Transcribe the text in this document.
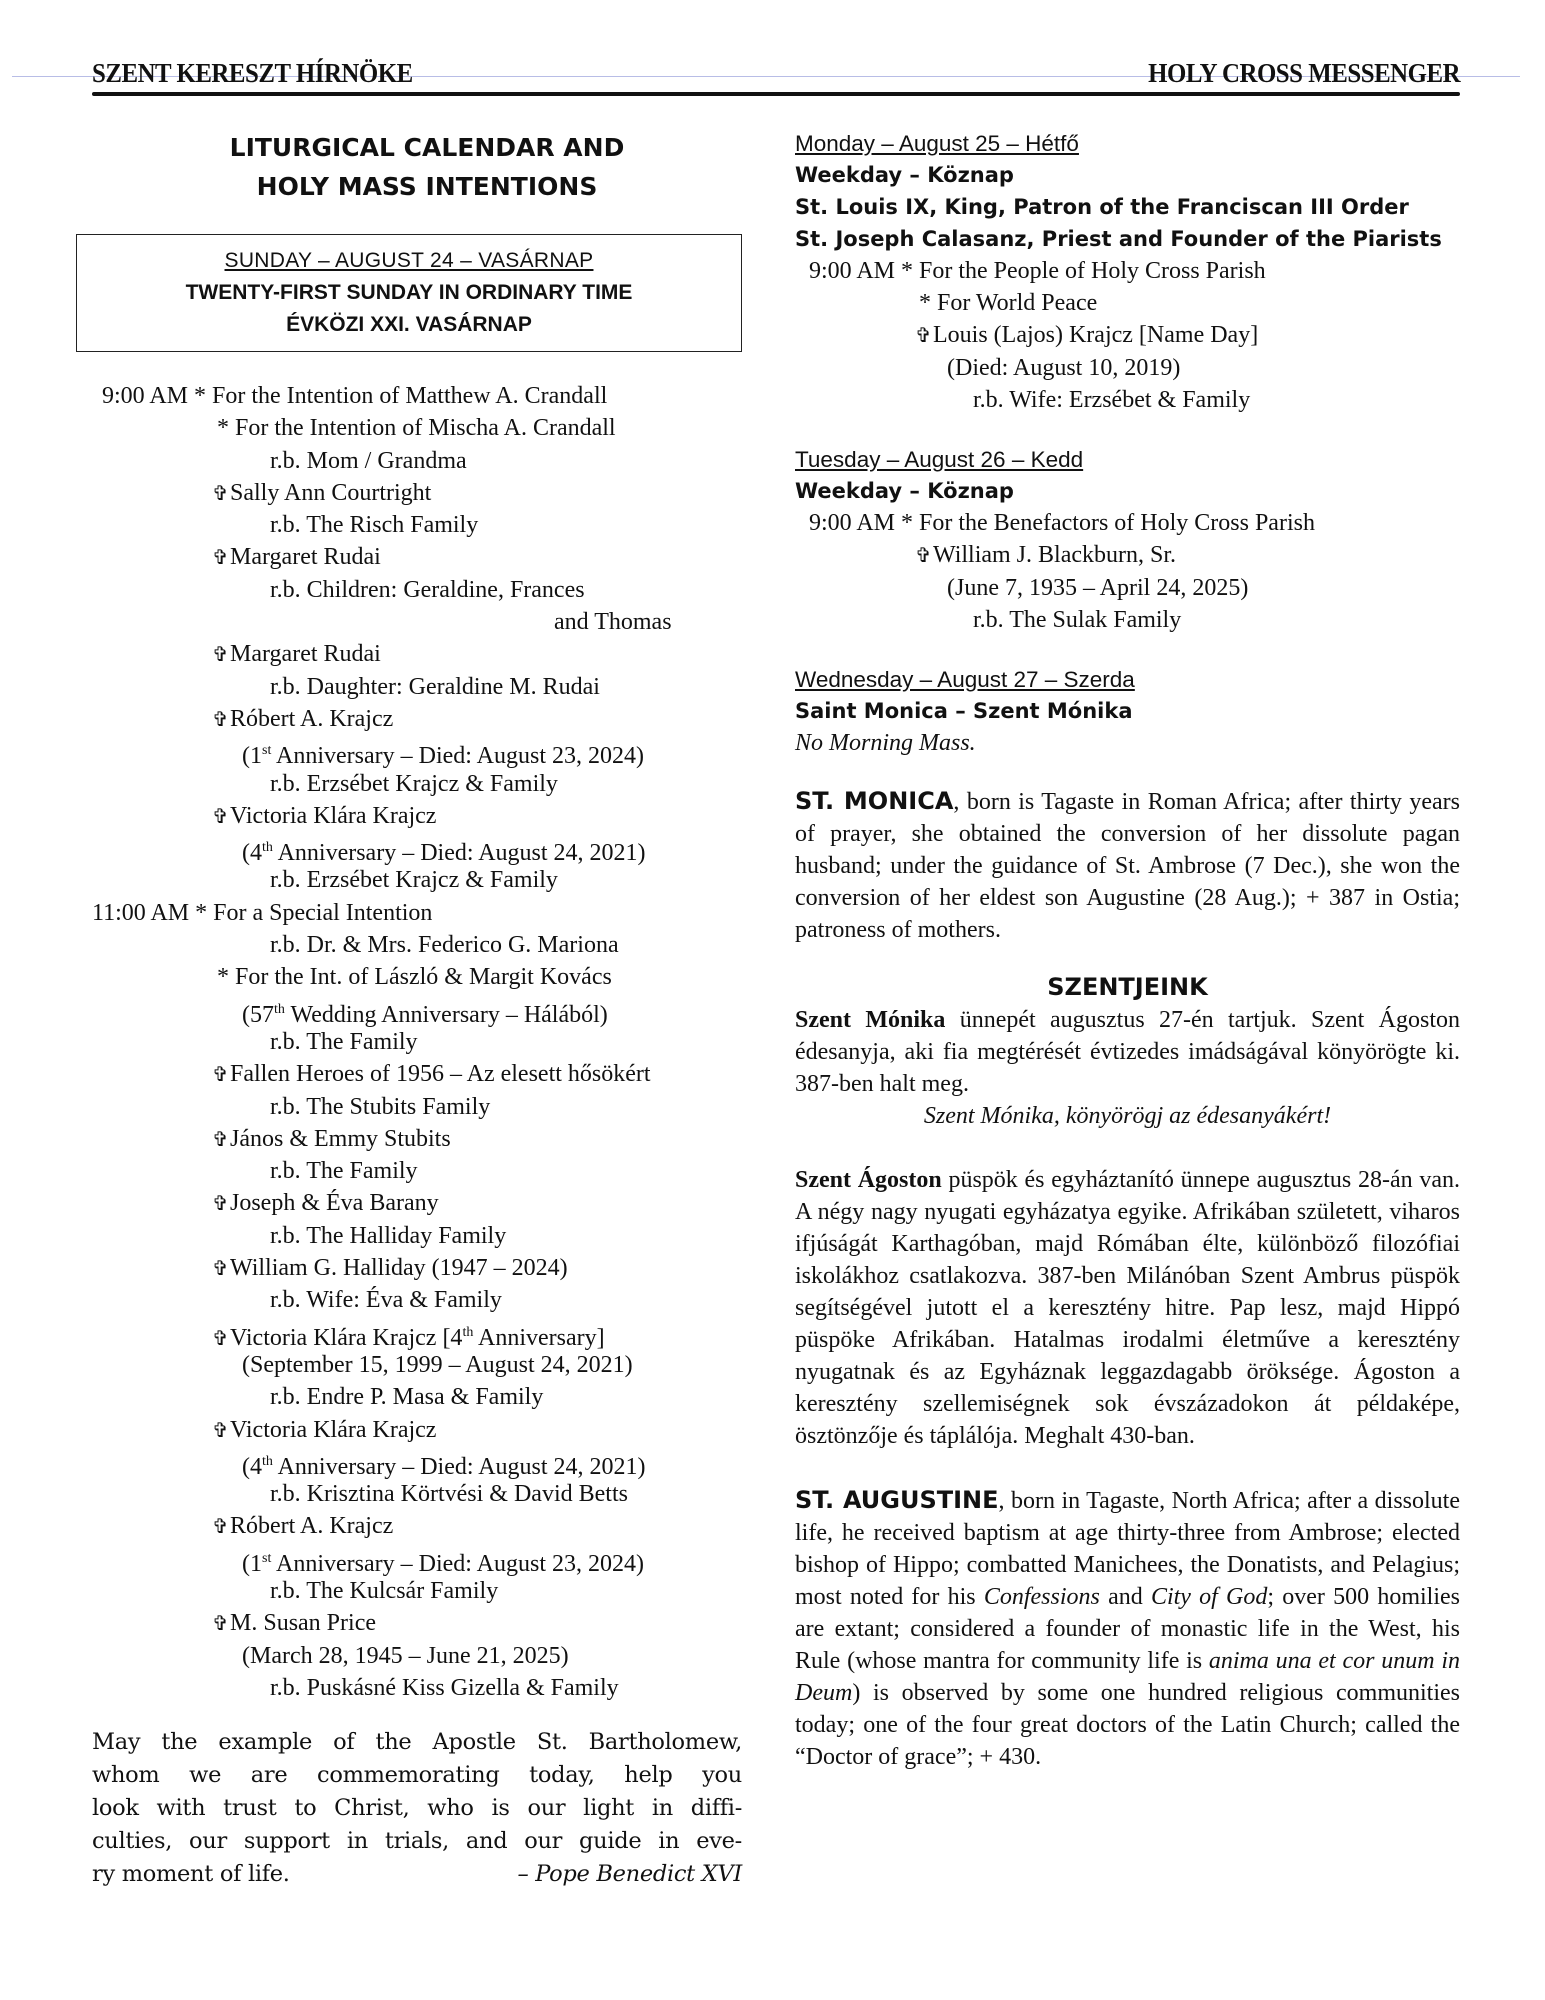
SZENT KERESZT HÍRNÖKE	HOLY CROSS MESSENGER
LITURGICAL CALENDAR AND
HOLY MASS INTENTIONS
SUNDAY – AUGUST 24 – VASÁRNAP
TWENTY-FIRST SUNDAY IN ORDINARY TIME
ÉVKÖZI XXI. VASÁRNAP
9:00 AM * For the Intention of Matthew A. Crandall
* For the Intention of Mischa A. Crandall
r.b. Mom / Grandma
✞Sally Ann Courtright
r.b. The Risch Family
✞Margaret Rudai
r.b. Children: Geraldine, Frances
and Thomas
✞Margaret Rudai
r.b. Daughter: Geraldine M. Rudai
✞Róbert A. Krajcz
(1st Anniversary – Died: August 23, 2024)
r.b. Erzsébet Krajcz & Family
✞Victoria Klára Krajcz
(4th Anniversary – Died: August 24, 2021)
r.b. Erzsébet Krajcz & Family
11:00 AM * For a Special Intention
r.b. Dr. & Mrs. Federico G. Mariona
* For the Int. of László & Margit Kovács
(57th Wedding Anniversary – Hálából)
r.b. The Family
✞Fallen Heroes of 1956 – Az elesett hősökért
r.b. The Stubits Family
✞János & Emmy Stubits
r.b. The Family
✞Joseph & Éva Barany
r.b. The Halliday Family
✞William G. Halliday (1947 – 2024)
r.b. Wife: Éva & Family
✞Victoria Klára Krajcz [4th Anniversary]
(September 15, 1999 – August 24, 2021)
r.b. Endre P. Masa & Family
✞Victoria Klára Krajcz
(4th Anniversary – Died: August 24, 2021)
r.b. Krisztina Körtvési & David Betts
✞Róbert A. Krajcz
(1st Anniversary – Died: August 23, 2024)
r.b. The Kulcsár Family
✞M. Susan Price
(March 28, 1945 – June 21, 2025)
r.b. Puskásné Kiss Gizella & Family
May the example of the Apostle St. Bartholomew,
whom we are commemorating today, help you
look with trust to Christ, who is our light in diffi-
culties, our support in trials, and our guide in eve-
ry moment of life.	– Pope Benedict XVI
Monday – August 25 – Hétfő
Weekday – Köznap
St. Louis IX, King, Patron of the Franciscan III Order
St. Joseph Calasanz, Priest and Founder of the Piarists
9:00 AM * For the People of Holy Cross Parish
* For World Peace
✞Louis (Lajos) Krajcz [Name Day]
(Died: August 10, 2019)
r.b. Wife: Erzsébet & Family
Tuesday – August 26 – Kedd
Weekday – Köznap
9:00 AM * For the Benefactors of Holy Cross Parish
✞William J. Blackburn, Sr.
(June 7, 1935 – April 24, 2025)
r.b. The Sulak Family
Wednesday – August 27 – Szerda
Saint Monica – Szent Mónika
No Morning Mass.
ST. MONICA, born is Tagaste in Roman Africa; after thirty years of prayer, she obtained the conversion of her dissolute pagan husband; under the guidance of St. Ambrose (7 Dec.), she won the conversion of her eldest son Augustine (28 Aug.); + 387 in Ostia; patroness of mothers.
SZENTJEINK
Szent Mónika ünnepét augusztus 27-én tartjuk. Szent Ágoston édesanyja, aki fia megtérését évtizedes imádságával könyörögte ki. 387-ben halt meg.
Szent Mónika, könyörögj az édesanyákért!
Szent Ágoston püspök és egyháztanító ünnepe augusztus 28-án van. A négy nagy nyugati egyházatya egyike. Afrikában született, viharos ifjúságát Karthagóban, majd Rómában élte, különböző filozófiai iskolákhoz csatlakozva. 387-ben Milánóban Szent Ambrus püspök segítségével jutott el a keresztény hitre. Pap lesz, majd Hippó püspöke Afrikában. Hatalmas irodalmi életműve a keresztény nyugatnak és az Egyháznak leggazdagabb öröksége. Ágoston a keresztény szellemiségnek sok évszázadokon át példaképe, ösztönzője és táplálója. Meghalt 430-ban.
ST. AUGUSTINE, born in Tagaste, North Africa; after a dissolute life, he received baptism at age thirty-three from Ambrose; elected bishop of Hippo; combatted Manichees, the Donatists, and Pelagius; most noted for his Confessions and City of God; over 500 homilies are extant; considered a founder of monastic life in the West, his Rule (whose mantra for community life is anima una et cor unum in Deum) is observed by some one hundred religious communities today; one of the four great doctors of the Latin Church; called the “Doctor of grace”; + 430.
